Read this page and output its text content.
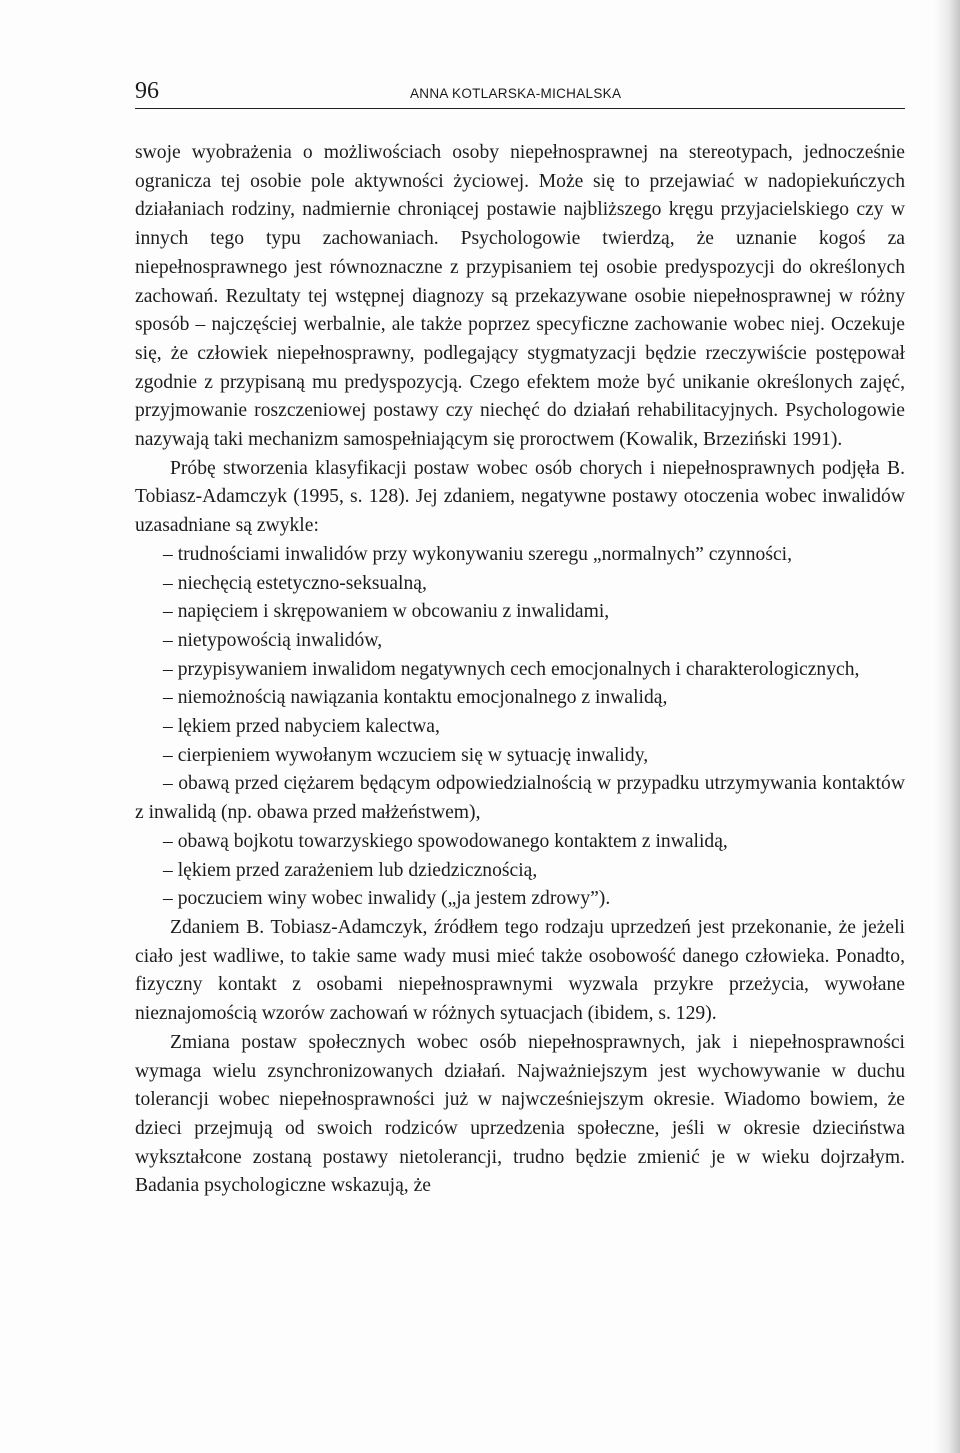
96	ANNA KOTLARSKA-MICHALSKA

swoje wyobrażenia o możliwościach osoby niepełnosprawnej na stereotypach, jednocześnie ogranicza tej osobie pole aktywności życiowej. Może się to przejawiać w nadopiekuńczych działaniach rodziny, nadmiernie chroniącej postawie najbliższego kręgu przyjacielskiego czy w innych tego typu zachowaniach. Psychologowie twierdzą, że uznanie kogoś za niepełnosprawnego jest równoznaczne z przypisaniem tej osobie predyspozycji do określonych zachowań. Rezultaty tej wstępnej diagnozy są przekazywane osobie niepełnosprawnej w różny sposób – najczęściej werbalnie, ale także poprzez specyficzne zachowanie wobec niej. Oczekuje się, że człowiek niepełnosprawny, podlegający stygmatyzacji będzie rzeczywiście postępował zgodnie z przypisaną mu predyspozycją. Czego efektem może być unikanie określonych zajęć, przyjmowanie roszczeniowej postawy czy niechęć do działań rehabilitacyjnych. Psychologowie nazywają taki mechanizm samospełniającym się proroctwem (Kowalik, Brzeziński 1991).

Próbę stworzenia klasyfikacji postaw wobec osób chorych i niepełnosprawnych podjęła B. Tobiasz-Adamczyk (1995, s. 128). Jej zdaniem, negatywne postawy otoczenia wobec inwalidów uzasadniane są zwykle:

– trudnościami inwalidów przy wykonywaniu szeregu „normalnych” czynności,

– niechęcią estetyczno-seksualną,

– napięciem i skrępowaniem w obcowaniu z inwalidami,

– nietypowością inwalidów,

– przypisywaniem inwalidom negatywnych cech emocjonalnych i charakterologicznych,

– niemożnością nawiązania kontaktu emocjonalnego z inwalidą,

– lękiem przed nabyciem kalectwa,

– cierpieniem wywołanym wczuciem się w sytuację inwalidy,

– obawą przed ciężarem będącym odpowiedzialnością w przypadku utrzymywania kontaktów z inwalidą (np. obawa przed małżeństwem),

– obawą bojkotu towarzyskiego spowodowanego kontaktem z inwalidą,

– lękiem przed zarażeniem lub dziedzicznością,

– poczuciem winy wobec inwalidy („ja jestem zdrowy”).

Zdaniem B. Tobiasz-Adamczyk, źródłem tego rodzaju uprzedzeń jest przekonanie, że jeżeli ciało jest wadliwe, to takie same wady musi mieć także osobowość danego człowieka. Ponadto, fizyczny kontakt z osobami niepełnosprawnymi wyzwala przykre przeżycia, wywołane nieznajomością wzorów zachowań w różnych sytuacjach (ibidem, s. 129).

Zmiana postaw społecznych wobec osób niepełnosprawnych, jak i niepełnosprawności wymaga wielu zsynchronizowanych działań. Najważniejszym jest wychowywanie w duchu tolerancji wobec niepełnosprawności już w najwcześniejszym okresie. Wiadomo bowiem, że dzieci przejmują od swoich rodziców uprzedzenia społeczne, jeśli w okresie dzieciństwa wykształcone zostaną postawy nietolerancji, trudno będzie zmienić je w wieku dojrzałym. Badania psychologiczne wskazują, że
